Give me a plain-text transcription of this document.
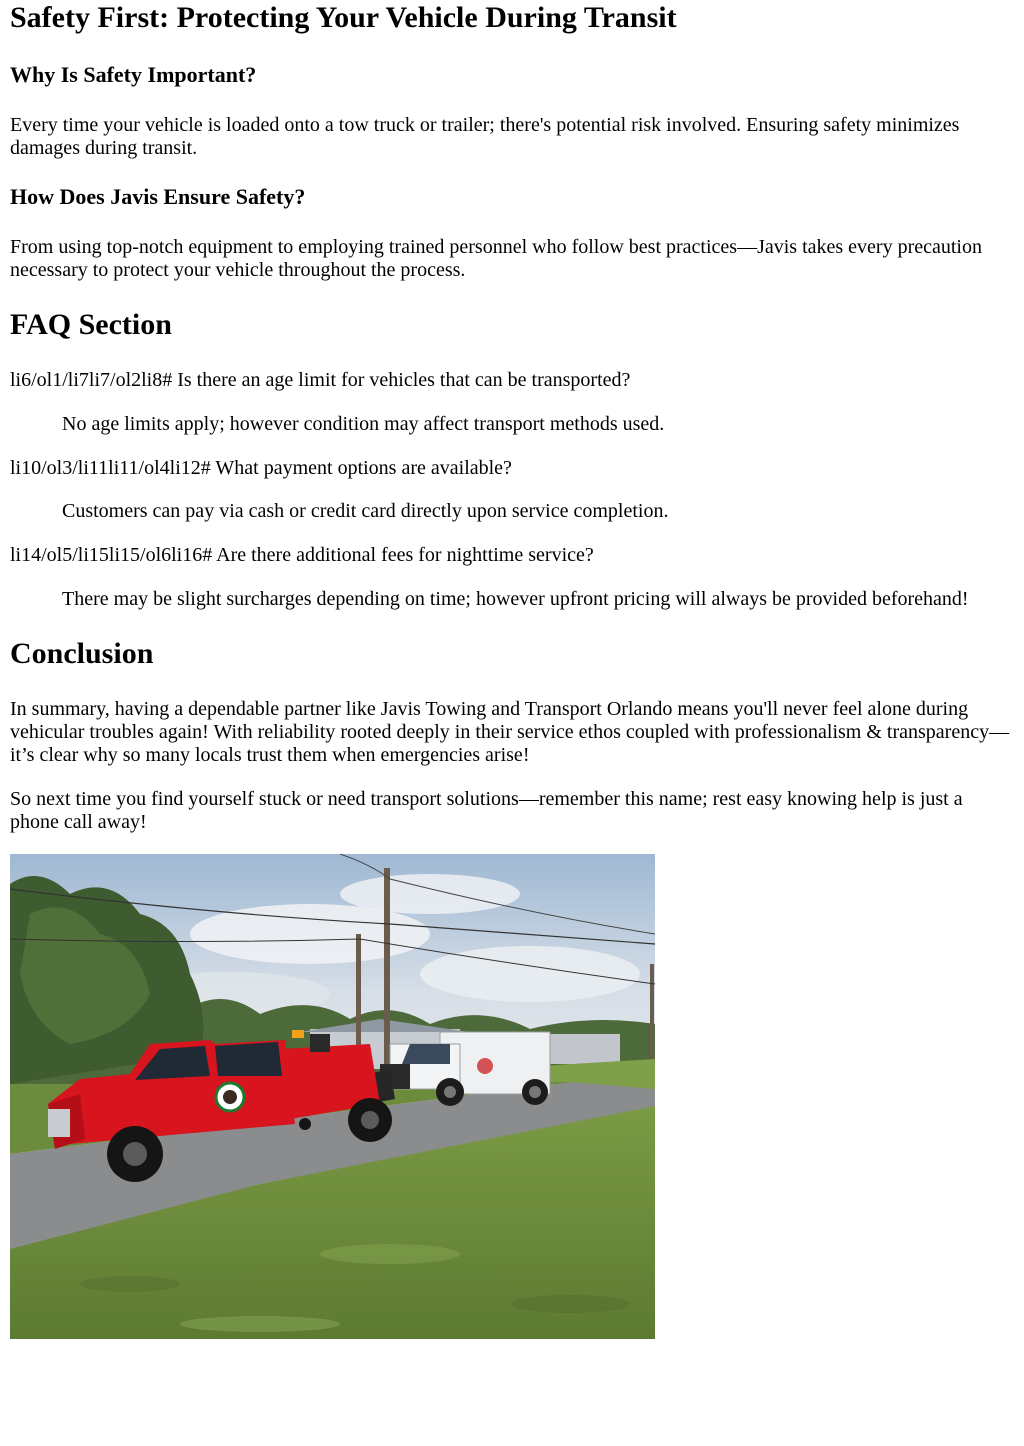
Safety First: Protecting Your Vehicle During Transit
Why Is Safety Important?

Every time your vehicle is loaded onto a tow truck or trailer; there's potential risk involved. Ensuring safety minimizes damages during transit.

How Does Javis Ensure Safety?

From using top-notch equipment to employing trained personnel who follow best practices—Javis takes every precaution necessary to protect your vehicle throughout the process.

FAQ Section
li6/ol1/li7li7/ol2li8# Is there an age limit for vehicles that can be transported?
No age limits apply; however condition may affect transport methods used.
li10/ol3/li11li11/ol4li12# What payment options are available?
Customers can pay via cash or credit card directly upon service completion.
li14/ol5/li15li15/ol6li16# Are there additional fees for nighttime service?
There may be slight surcharges depending on time; however upfront pricing will always be provided beforehand!
Conclusion

In summary, having a dependable partner like Javis Towing and Transport Orlando means you'll never feel alone during vehicular troubles again! With reliability rooted deeply in their service ethos coupled with professionalism & transparency—it’s clear why so many locals trust them when emergencies arise!

So next time you find yourself stuck or need transport solutions—remember this name; rest easy knowing help is just a phone call away!
